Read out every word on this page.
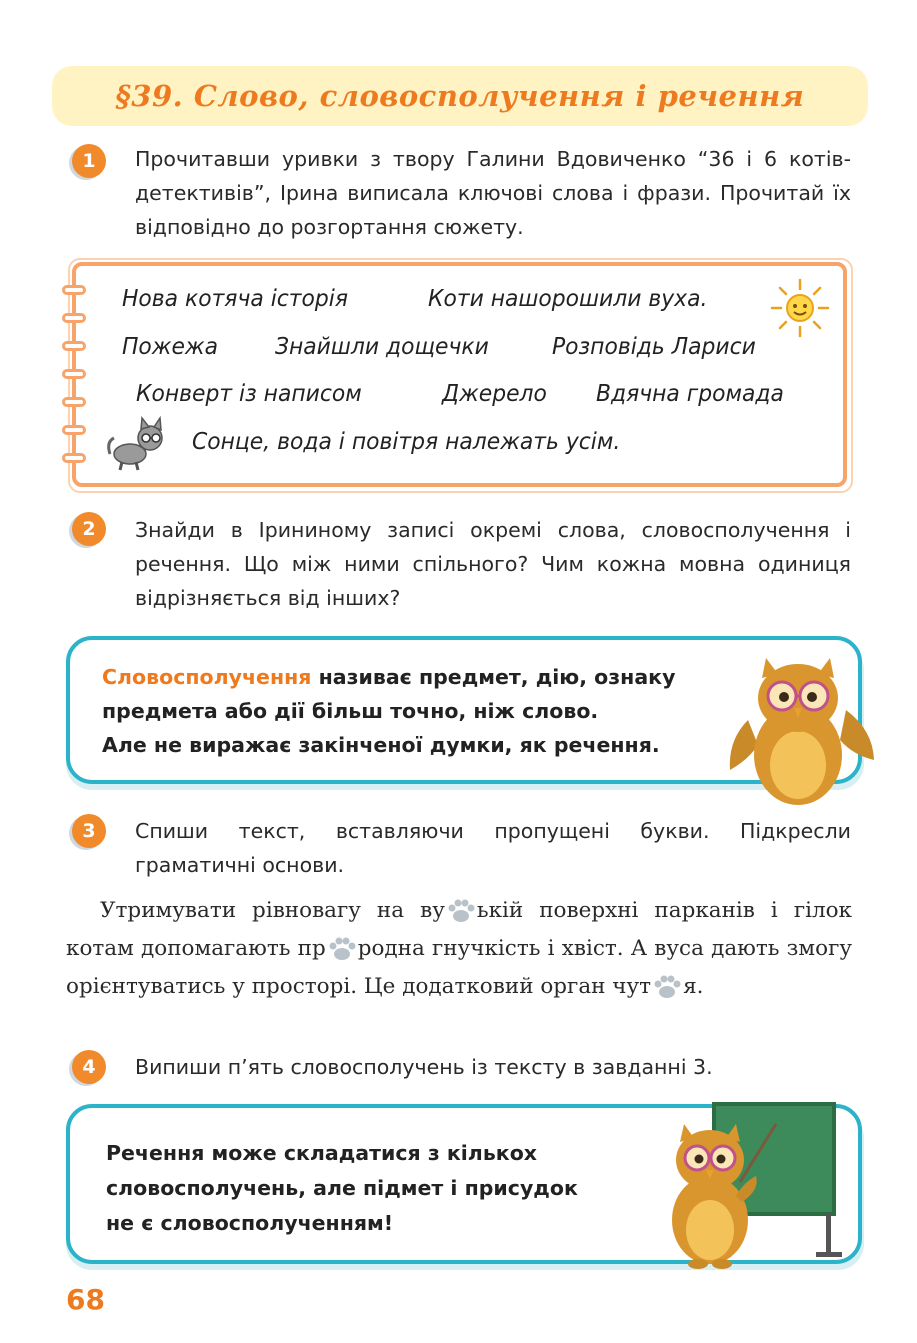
§39. Слово, словосполучення і речення
1	Прочитавши уривки з твору Галини Вдовиченко “36 і 6 котів-детективів”, Ірина виписала ключові слова і фрази. Прочитай їх відповідно до розгортання сюжету.
Нова котяча історія	Коти нашорошили вуха.
Пожежа Знайшли дощечки	Розповідь Лариси
Конверт із написом	Джерело Вдячна громада
Сонце, вода і повітря належать усім.
2	Знайди в Ірининому записі окремі слова, словосполучення і речення. Що між ними спільного? Чим кожна мовна одиниця відрізняється від інших?
Словосполучення називає предмет, дію, ознаку
предмета або дії більш точно, ніж слово.
Але не виражає закінченої думки, як речення.
3	Спиши текст, вставляючи пропущені букви. Підкресли граматичні основи.
Утримувати рівновагу на ву ькій поверхні парканів і гілок котам допомагають пр родна гнучкість і хвіст. А вуса дають змогу орієнтуватись у просторі. Це додатковий орган чут я.
4	Випиши п’ять словосполучень із тексту в завданні 3.
Речення може складатися з кількох
словосполучень, але підмет і присудок
не є словосполученням!
68
